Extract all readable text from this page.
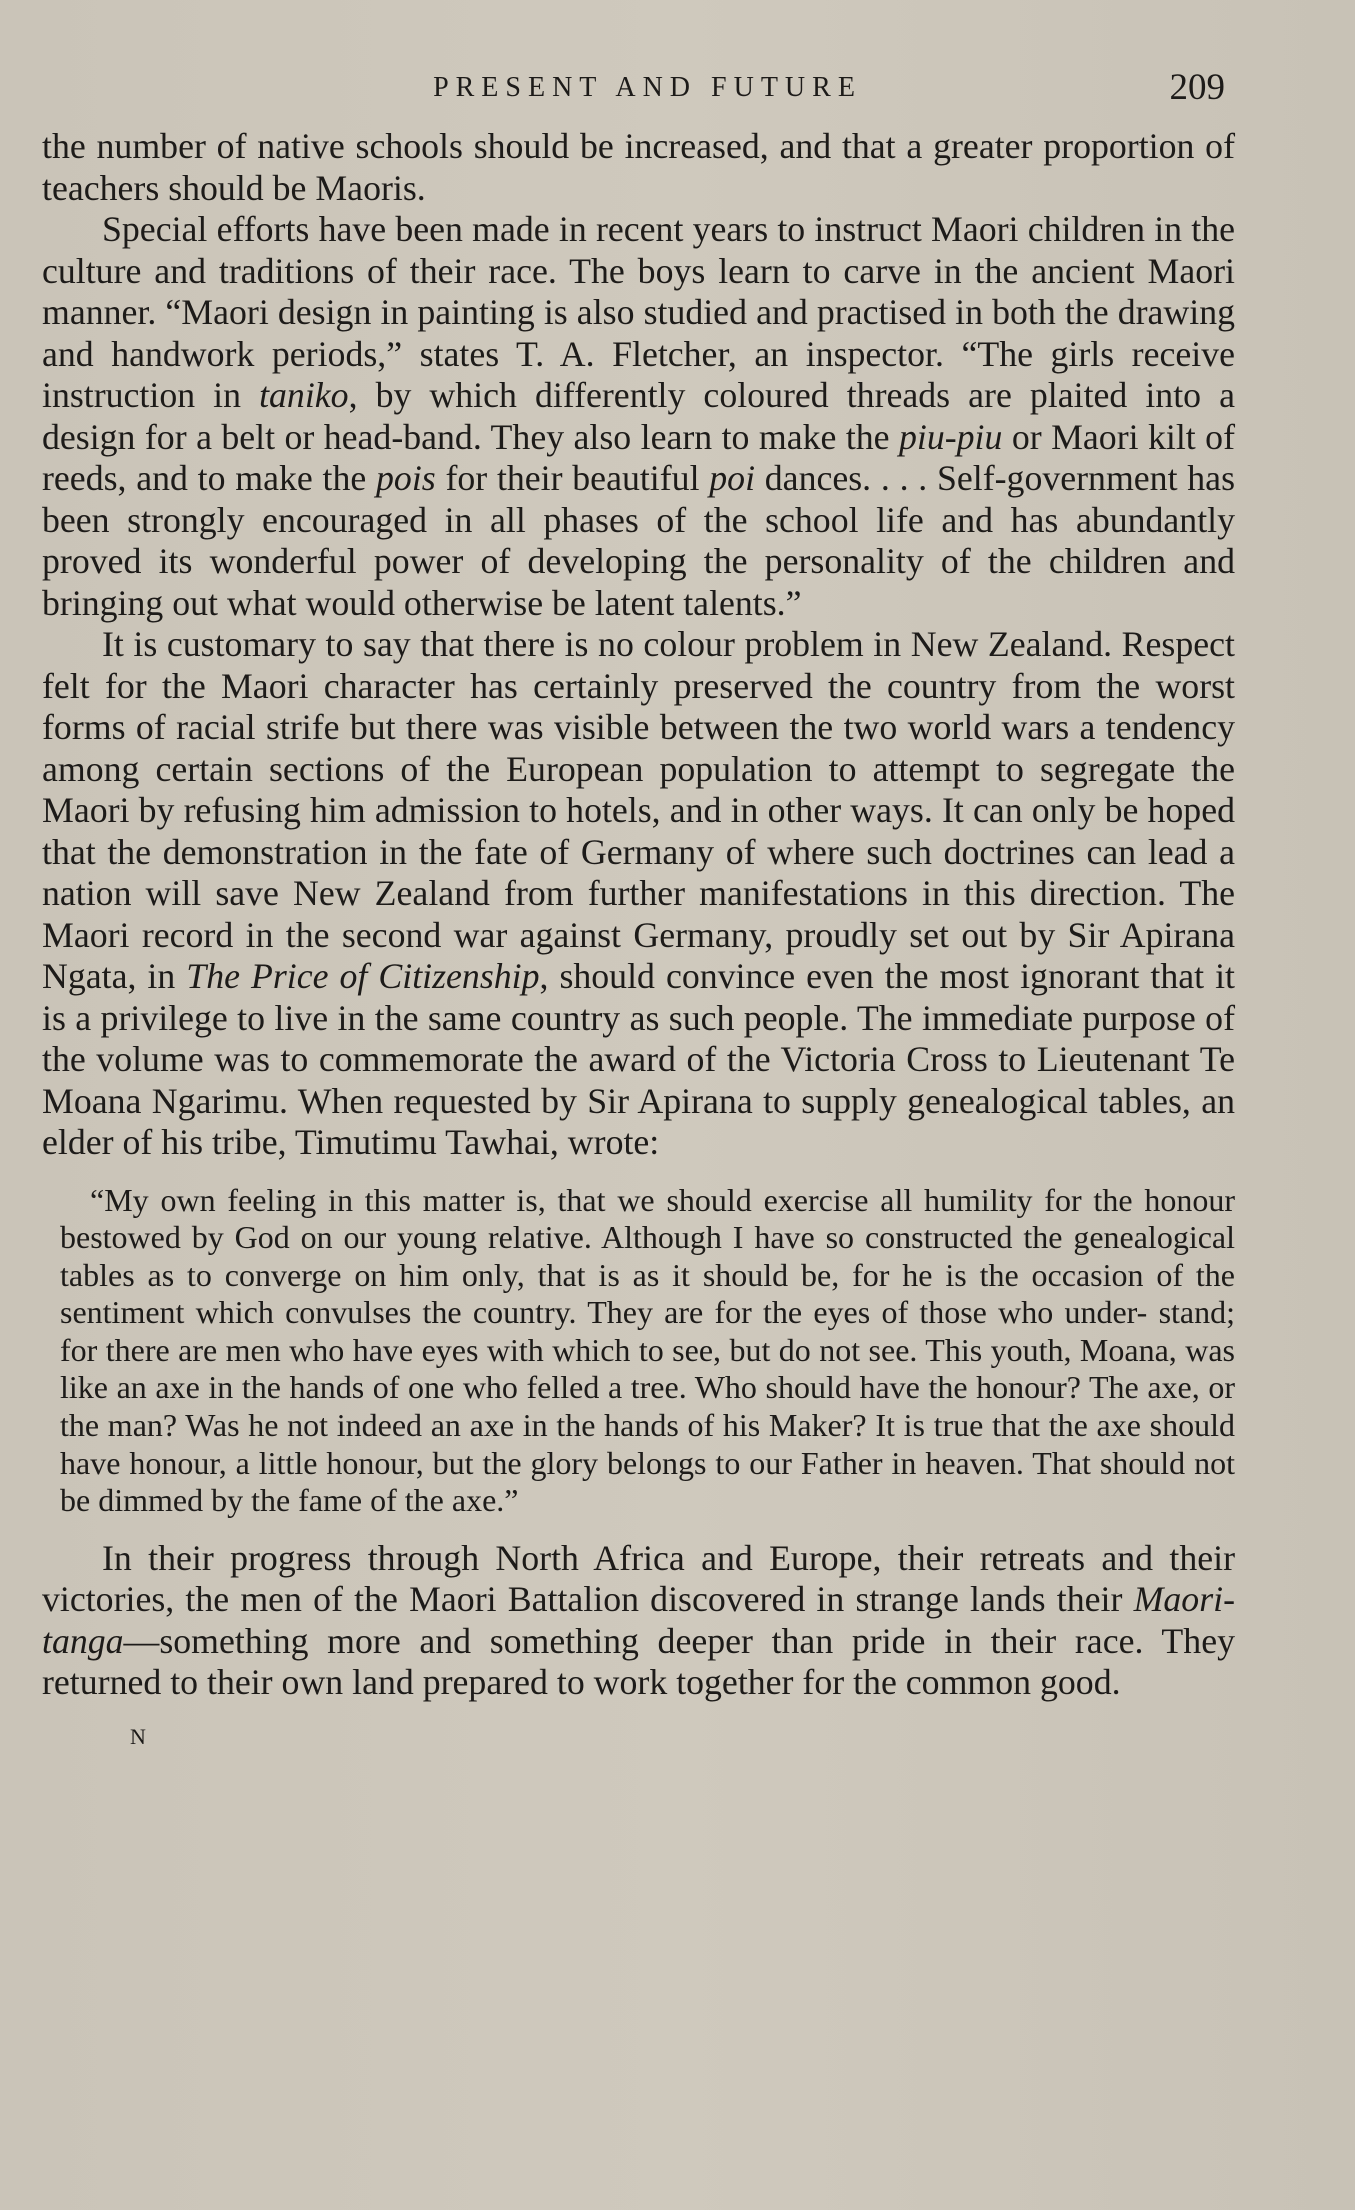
PRESENT AND FUTURE	209

the number of native schools should be increased, and that a greater proportion of teachers should be Maoris.

Special efforts have been made in recent years to instruct Maori children in the culture and traditions of their race. The boys learn to carve in the ancient Maori manner. “Maori design in painting is also studied and practised in both the drawing and handwork periods,” states T. A. Fletcher, an inspector. “The girls receive instruction in taniko, by which differently coloured threads are plaited into a design for a belt or head-band. They also learn to make the piu-piu or Maori kilt of reeds, and to make the pois for their beautiful poi dances. . . . Self-government has been strongly encouraged in all phases of the school life and has abundantly proved its wonderful power of developing the personality of the children and bringing out what would otherwise be latent talents.”

It is customary to say that there is no colour problem in New Zealand. Respect felt for the Maori character has certainly preserved the country from the worst forms of racial strife but there was visible between the two world wars a tendency among certain sections of the European population to attempt to segregate the Maori by refusing him admission to hotels, and in other ways. It can only be hoped that the demonstration in the fate of Germany of where such doctrines can lead a nation will save New Zealand from further manifestations in this direction. The Maori record in the second war against Germany, proudly set out by Sir Apirana Ngata, in The Price of Citizenship, should convince even the most ignorant that it is a privilege to live in the same country as such people. The immediate purpose of the volume was to commemorate the award of the Victoria Cross to Lieutenant Te Moana Ngarimu. When requested by Sir Apirana to supply genealogical tables, an elder of his tribe, Timutimu Tawhai, wrote:

“My own feeling in this matter is, that we should exercise all humility for the honour bestowed by God on our young relative. Although I have so constructed the genealogical tables as to converge on him only, that is as it should be, for he is the occasion of the sentiment which convulses the country. They are for the eyes of those who under- stand; for there are men who have eyes with which to see, but do not see. This youth, Moana, was like an axe in the hands of one who felled a tree. Who should have the honour? The axe, or the man? Was he not indeed an axe in the hands of his Maker? It is true that the axe should have honour, a little honour, but the glory belongs to our Father in heaven. That should not be dimmed by the fame of the axe.”

In their progress through North Africa and Europe, their retreats and their victories, the men of the Maori Battalion discovered in strange lands their Maori-tanga—something more and something deeper than pride in their race. They returned to their own land prepared to work together for the common good.

N
